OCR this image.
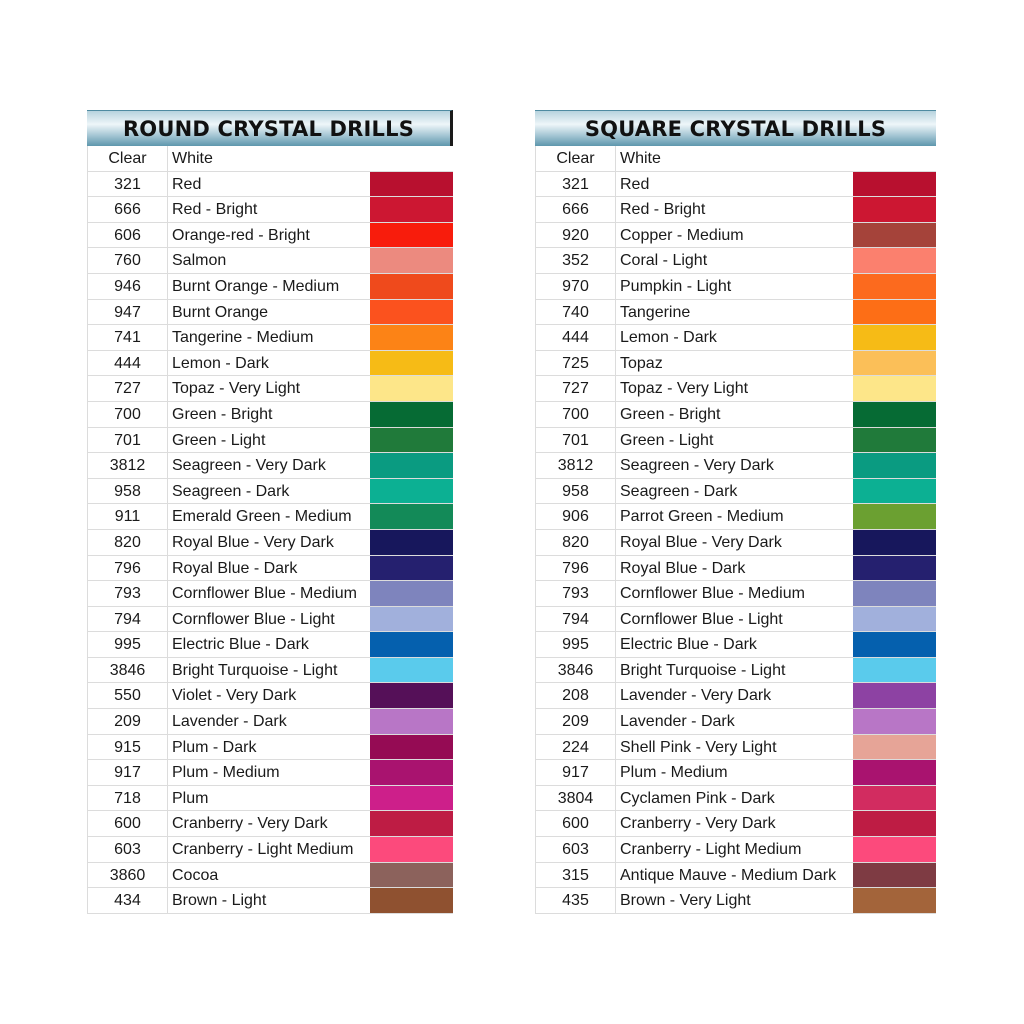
ROUND CRYSTAL DRILLS
Clear	White
321	Red
666	Red - Bright
606	Orange-red - Bright
760	Salmon
946	Burnt Orange - Medium
947	Burnt Orange
741	Tangerine - Medium
444	Lemon - Dark
727	Topaz - Very Light
700	Green - Bright
701	Green - Light
3812	Seagreen - Very Dark
958	Seagreen - Dark
911	Emerald Green - Medium
820	Royal Blue - Very Dark
796	Royal Blue - Dark
793	Cornflower Blue - Medium
794	Cornflower Blue - Light
995	Electric Blue - Dark
3846	Bright Turquoise - Light
550	Violet - Very Dark
209	Lavender - Dark
915	Plum - Dark
917	Plum - Medium
718	Plum
600	Cranberry - Very Dark
603	Cranberry - Light Medium
3860	Cocoa
434	Brown - Light
SQUARE CRYSTAL DRILLS
Clear	White
321	Red
666	Red - Bright
920	Copper - Medium
352	Coral - Light
970	Pumpkin - Light
740	Tangerine
444	Lemon - Dark
725	Topaz
727	Topaz - Very Light
700	Green - Bright
701	Green - Light
3812	Seagreen - Very Dark
958	Seagreen - Dark
906	Parrot Green - Medium
820	Royal Blue - Very Dark
796	Royal Blue - Dark
793	Cornflower Blue - Medium
794	Cornflower Blue - Light
995	Electric Blue - Dark
3846	Bright Turquoise - Light
208	Lavender - Very Dark
209	Lavender - Dark
224	Shell Pink - Very Light
917	Plum - Medium
3804	Cyclamen Pink - Dark
600	Cranberry - Very Dark
603	Cranberry - Light Medium
315	Antique Mauve - Medium Dark
435	Brown - Very Light
